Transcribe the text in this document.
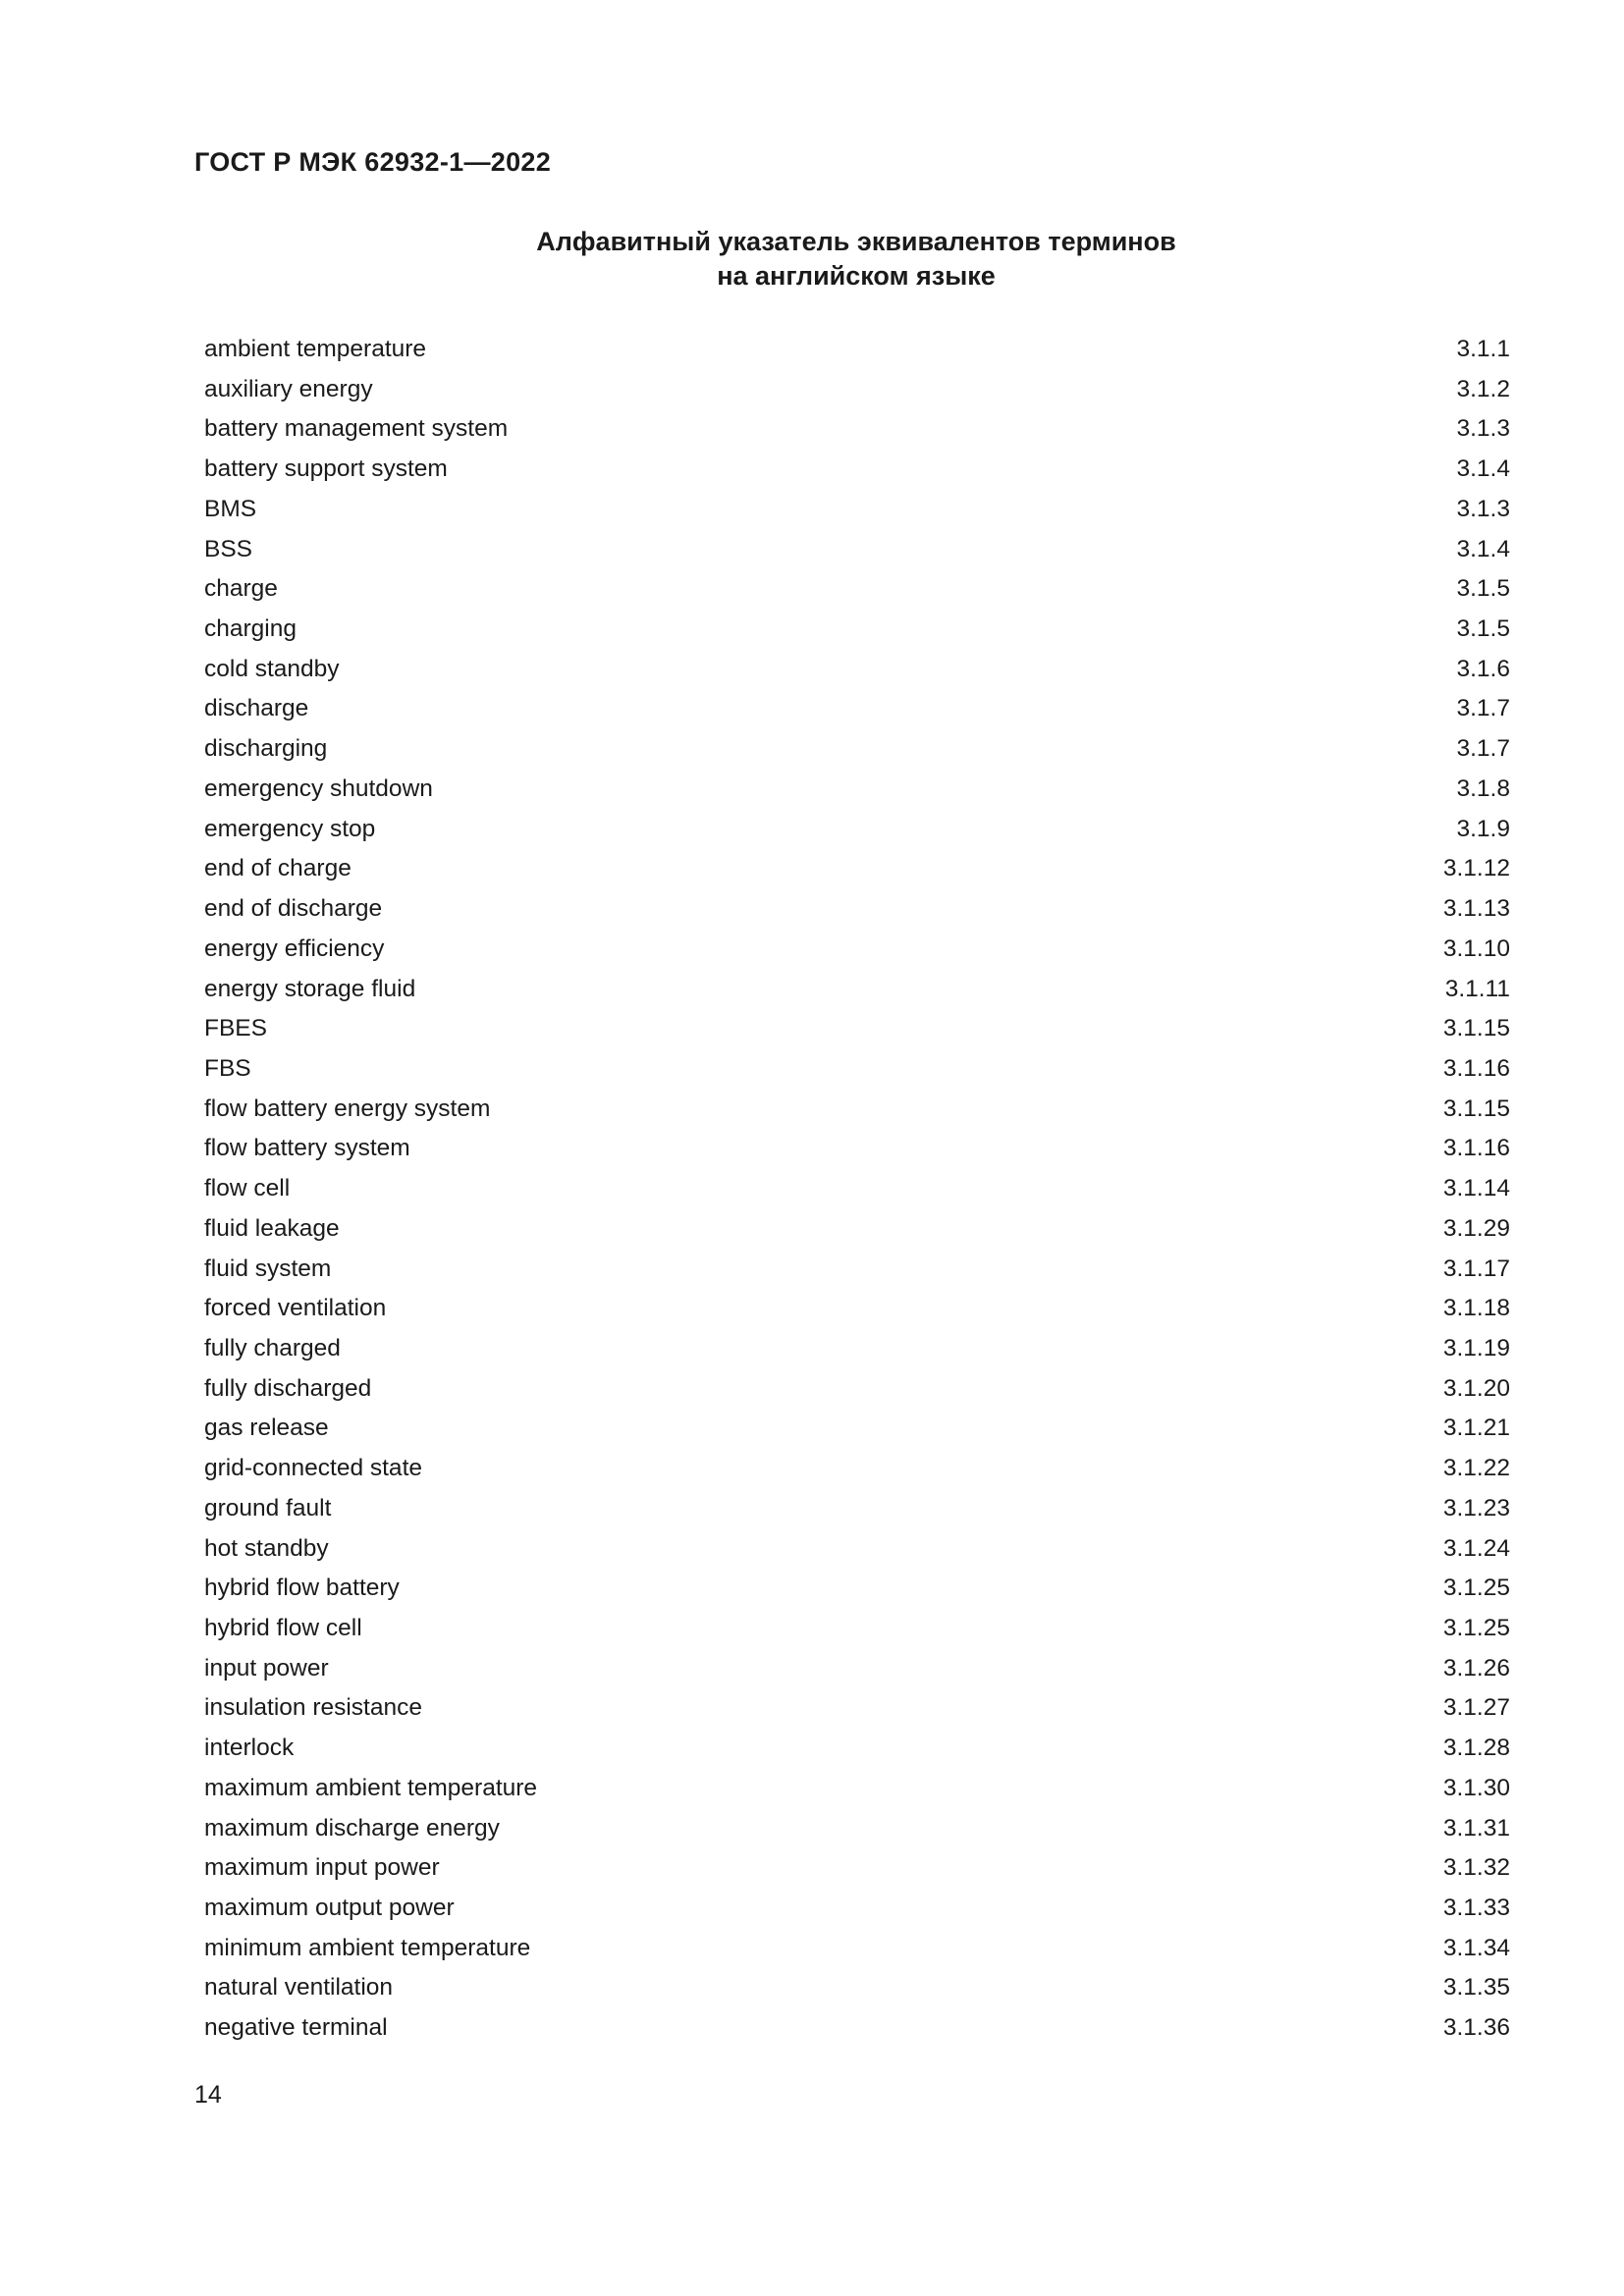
ГОСТ Р МЭК 62932-1—2022
Алфавитный указатель эквивалентов терминов
на английском языке
ambient temperature	3.1.1
auxiliary energy	3.1.2
battery management system	3.1.3
battery support system	3.1.4
BMS	3.1.3
BSS	3.1.4
charge	3.1.5
charging	3.1.5
cold standby	3.1.6
discharge	3.1.7
discharging	3.1.7
emergency shutdown	3.1.8
emergency stop	3.1.9
end of charge	3.1.12
end of discharge	3.1.13
energy efficiency	3.1.10
energy storage fluid	3.1.11
FBES	3.1.15
FBS	3.1.16
flow battery energy system	3.1.15
flow battery system	3.1.16
flow cell	3.1.14
fluid leakage	3.1.29
fluid system	3.1.17
forced ventilation	3.1.18
fully charged	3.1.19
fully discharged	3.1.20
gas release	3.1.21
grid-connected state	3.1.22
ground fault	3.1.23
hot standby	3.1.24
hybrid flow battery	3.1.25
hybrid flow cell	3.1.25
input power	3.1.26
insulation resistance	3.1.27
interlock	3.1.28
maximum ambient temperature	3.1.30
maximum discharge energy	3.1.31
maximum input power	3.1.32
maximum output power	3.1.33
minimum ambient temperature	3.1.34
natural ventilation	3.1.35
negative terminal	3.1.36
14
